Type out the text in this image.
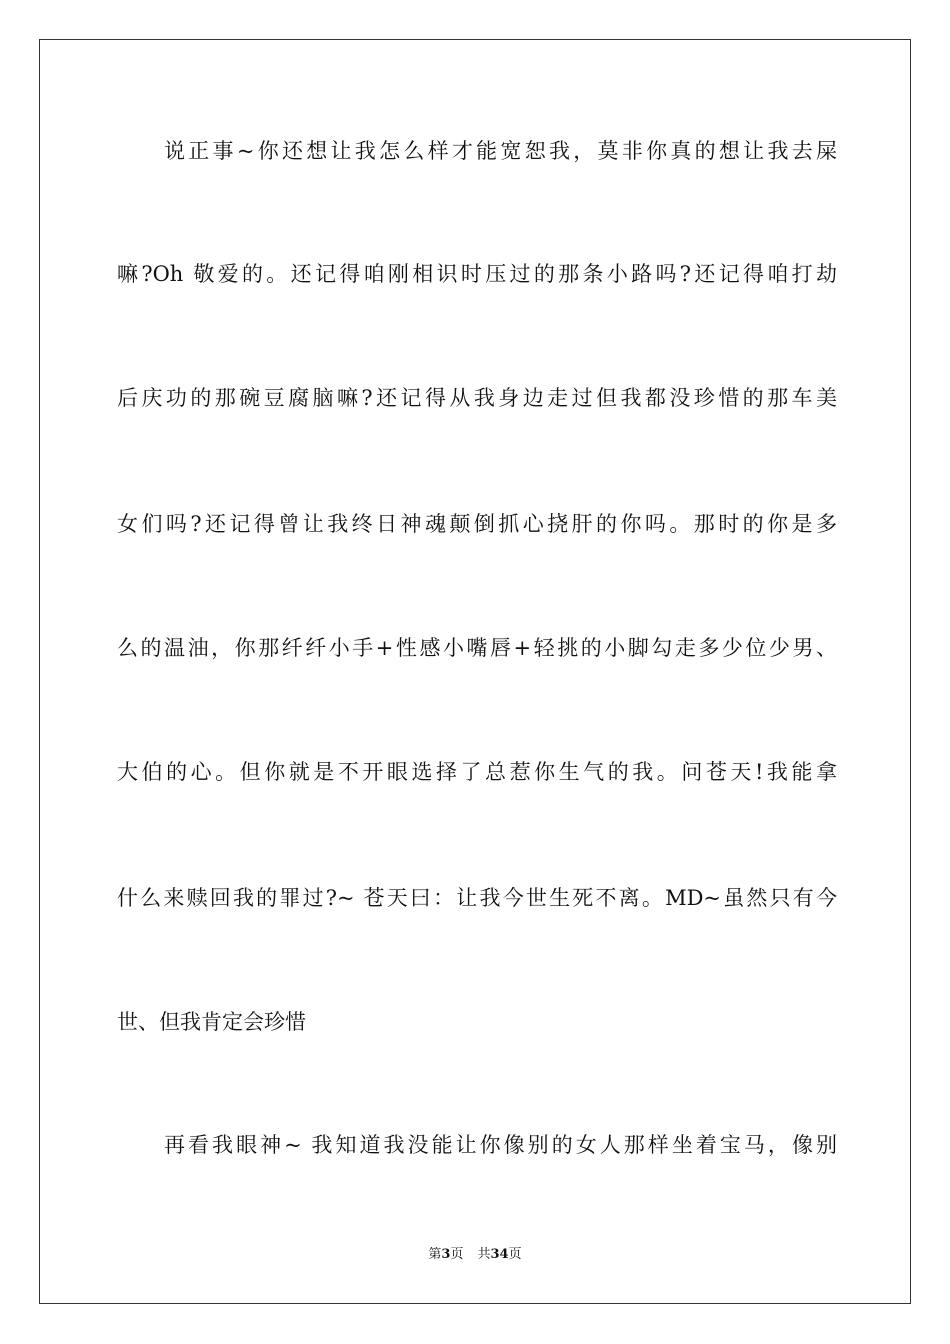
说正事~你还想让我怎么样才能宽恕我，莫非你真的想让我去屎
嘛?Oh 敬爱的。还记得咱刚相识时压过的那条小路吗?还记得咱打劫
后庆功的那碗豆腐脑嘛?还记得从我身边走过但我都没珍惜的那车美
女们吗?还记得曾让我终日神魂颠倒抓心挠肝的你吗。那时的你是多
么的温油，你那纤纤小手+性感小嘴唇+轻挑的小脚勾走多少位少男、
大伯的心。但你就是不开眼选择了总惹你生气的我。问苍天!我能拿
什么来赎回我的罪过?~ 苍天曰：让我今世生死不离。MD~虽然只有今
世、但我肯定会珍惜
再看我眼神~ 我知道我没能让你像别的女人那样坐着宝马，像别
第3页 共34页
